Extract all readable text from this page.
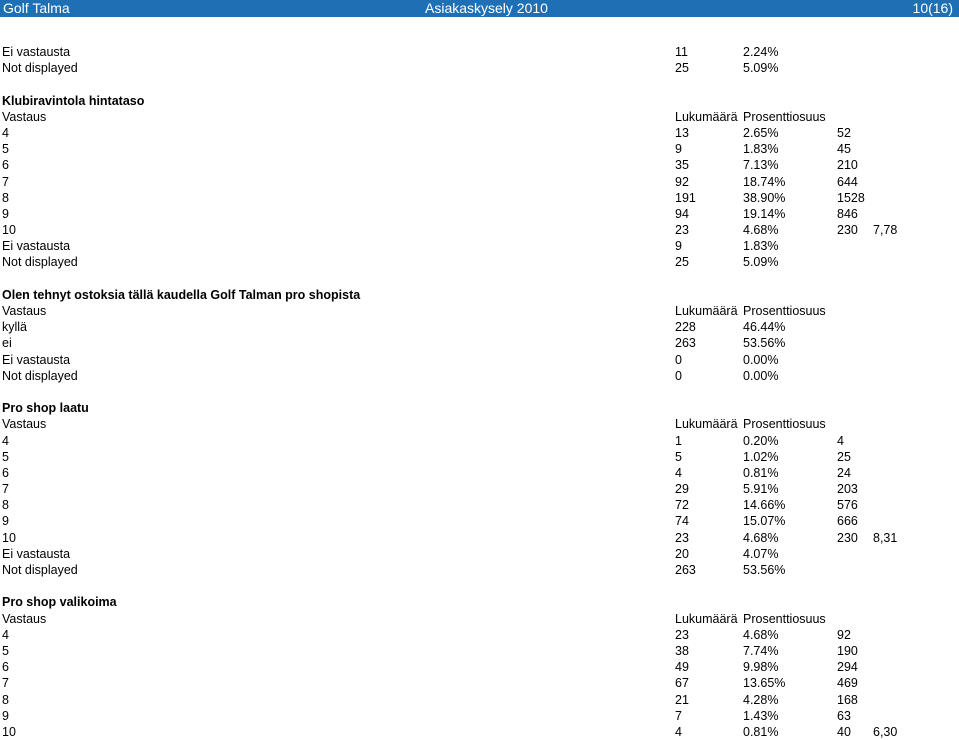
Golf Talma	Asiakaskysely 2010	10(16)
Ei vastausta	11	2.24%
Not displayed	25	5.09%
Klubiravintola hintataso
Vastaus	Lukumäärä Prosenttiosuus
4	13	2.65%	52
5	9	1.83%	45
6	35	7.13%	210
7	92	18.74%	644
8	191	38.90%	1528
9	94	19.14%	846
10	23	4.68%	230 7,78
Ei vastausta	9	1.83%
Not displayed	25	5.09%
Olen tehnyt ostoksia tällä kaudella Golf Talman pro shopista
Vastaus	Lukumäärä Prosenttiosuus
kyllä	228	46.44%
ei	263	53.56%
Ei vastausta	0	0.00%
Not displayed	0	0.00%
Pro shop laatu
Vastaus	Lukumäärä Prosenttiosuus
4	1	0.20%	4
5	5	1.02%	25
6	4	0.81%	24
7	29	5.91%	203
8	72	14.66%	576
9	74	15.07%	666
10	23	4.68%	230 8,31
Ei vastausta	20	4.07%
Not displayed	263	53.56%
Pro shop valikoima
Vastaus	Lukumäärä Prosenttiosuus
4	23	4.68%	92
5	38	7.74%	190
6	49	9.98%	294
7	67	13.65%	469
8	21	4.28%	168
9	7	1.43%	63
10	4	0.81%	40 6,30
